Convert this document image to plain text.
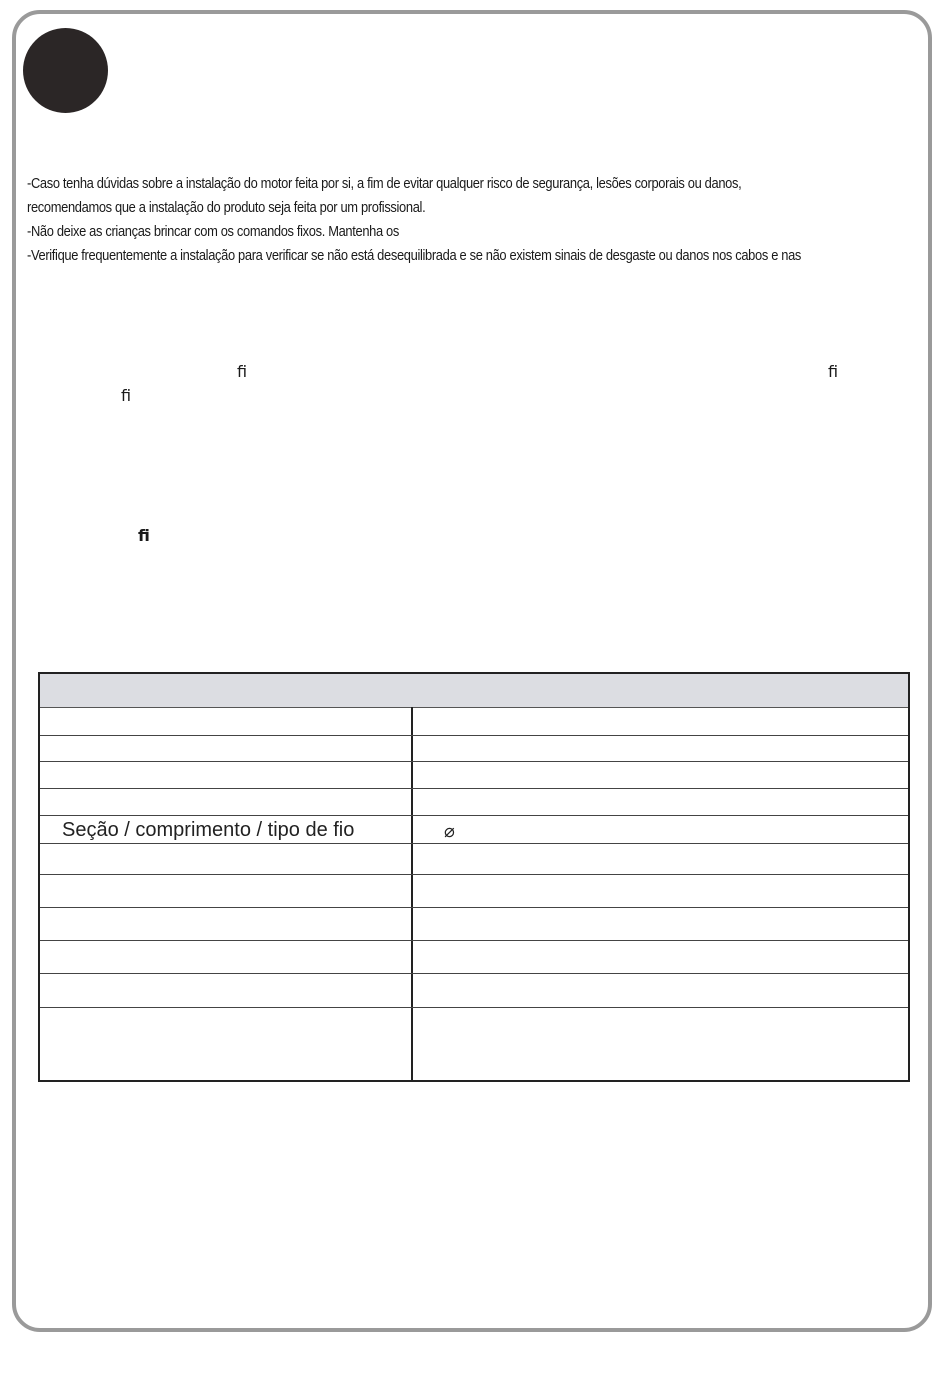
-Caso tenha dúvidas sobre a instalação do motor feita por si, a fim de evitar qualquer risco de segurança, lesões corporais ou danos,

recomendamos que a instalação do produto seja feita por um profissional.

-Não deixe as crianças brincar com os comandos fixos. Mantenha os

-Verifique frequentemente a instalação para verificar se não está desequilibrada e se não existem sinais de desgaste ou danos nos cabos e nas

fi	fi
fi
fi
Seção / comprimento / tipo de fio	⌀
